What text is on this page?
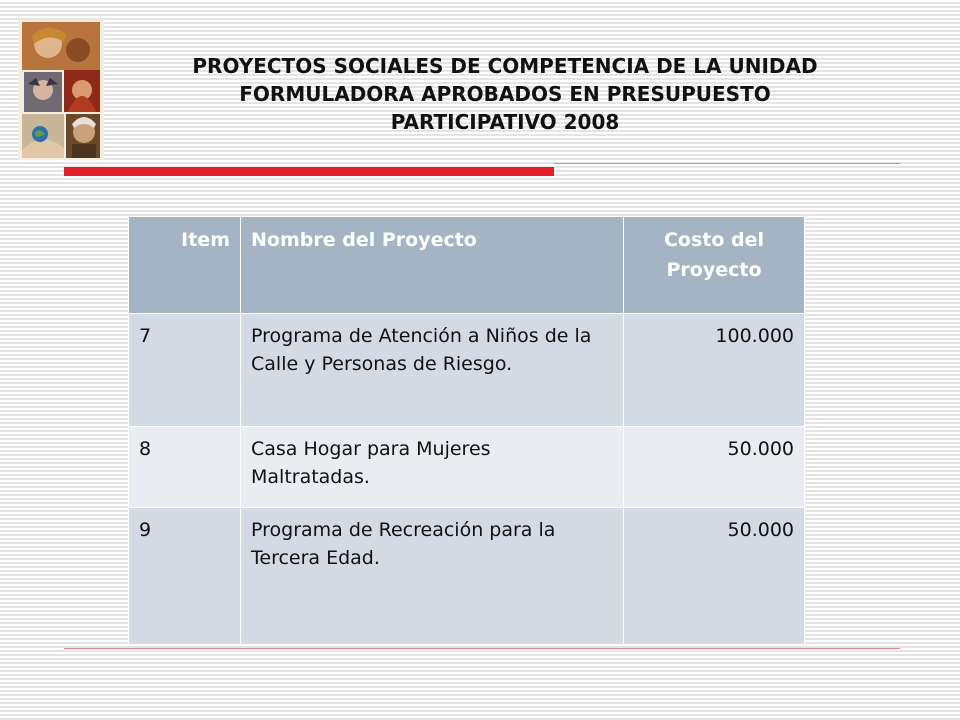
PROYECTOS SOCIALES DE COMPETENCIA DE LA UNIDAD
FORMULADORA APROBADOS EN PRESUPUESTO
PARTICIPATIVO 2008
Item	Nombre del Proyecto	Costo del
Proyecto
7	Programa de Atención a Niños de la Calle y Personas de Riesgo.	100.000
8	Casa Hogar para Mujeres Maltratadas.	50.000
9	Programa de Recreación para la Tercera Edad.	50.000
